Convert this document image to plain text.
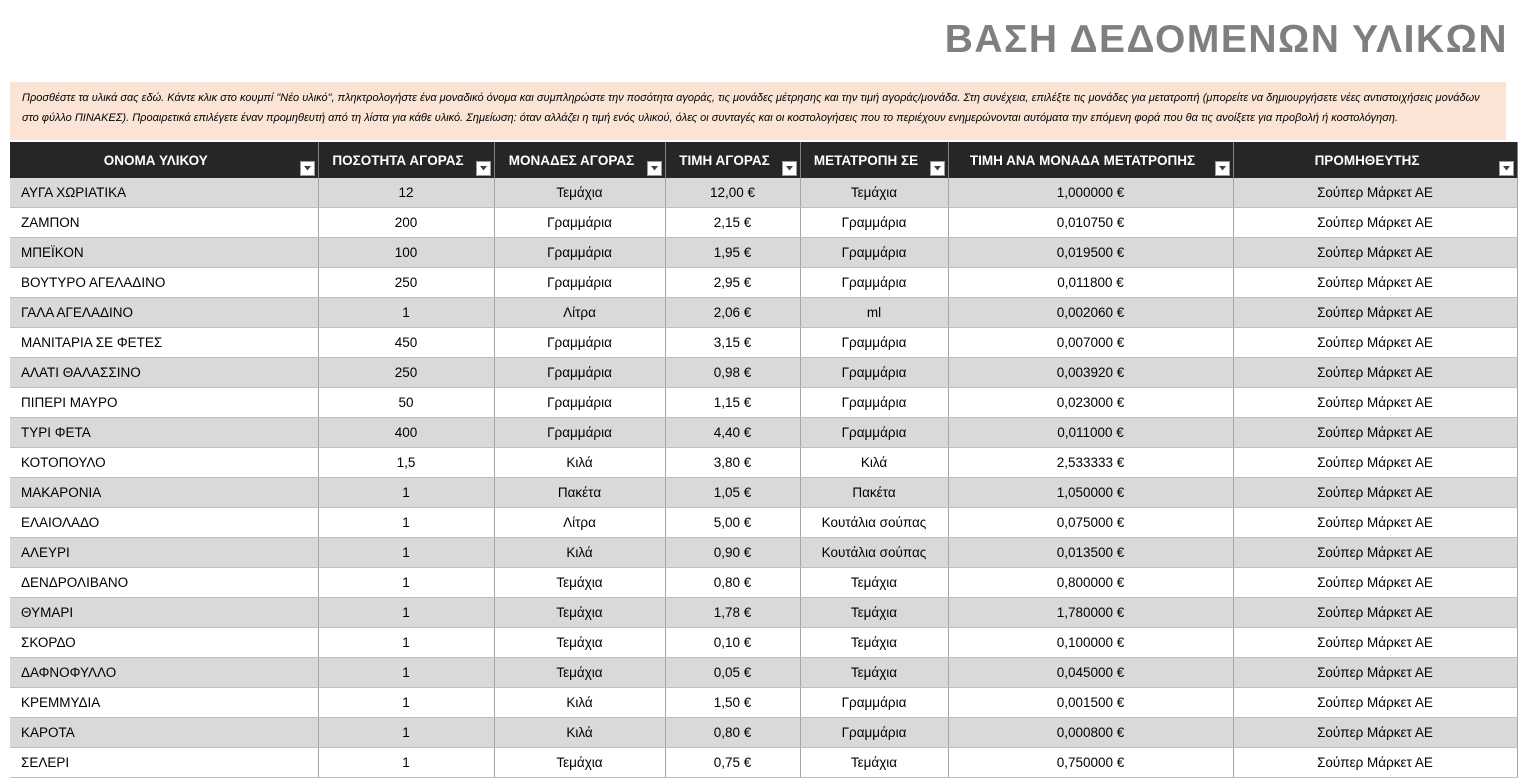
ΒΑΣΗ ΔΕΔΟΜΕΝΩΝ ΥΛΙΚΩΝ
Προσθέστε τα υλικά σας εδώ. Κάντε κλικ στο κουμπί "Νέο υλικό", πληκτρολογήστε ένα μοναδικό όνομα και συμπληρώστε την ποσότητα αγοράς, τις μονάδες μέτρησης και την τιμή αγοράς/μονάδα. Στη συνέχεια, επιλέξτε τις μονάδες για μετατροπή (μπορείτε να δημιουργήσετε νέες αντιστοιχήσεις μονάδων στο φύλλο ΠΙΝΑΚΕΣ). Προαιρετικά επιλέγετε έναν προμηθευτή από τη λίστα για κάθε υλικό. Σημείωση: όταν αλλάζει η τιμή ενός υλικού, όλες οι συνταγές και οι κοστολογήσεις που το περιέχουν ενημερώνονται αυτόματα την επόμενη φορά που θα τις ανοίξετε για προβολή ή κοστολόγηση.
ΟΝΟΜΑ ΥΛΙΚΟΥ	ΠΟΣΟΤΗΤΑ ΑΓΟΡΑΣ	ΜΟΝΑΔΕΣ ΑΓΟΡΑΣ	ΤΙΜΗ ΑΓΟΡΑΣ	ΜΕΤΑΤΡΟΠΗ ΣΕ	ΤΙΜΗ ΑΝΑ ΜΟΝΑΔΑ ΜΕΤΑΤΡΟΠΗΣ	ΠΡΟΜΗΘΕΥΤΗΣ

ΑΥΓΑ ΧΩΡΙΑΤΙΚΑ	12	Τεμάχια	12,00 €	Τεμάχια	1,000000 €	Σούπερ Μάρκετ ΑΕ
ΖΑΜΠΟΝ	200	Γραμμάρια	2,15 €	Γραμμάρια	0,010750 €	Σούπερ Μάρκετ ΑΕ
ΜΠΕΪΚΟΝ	100	Γραμμάρια	1,95 €	Γραμμάρια	0,019500 €	Σούπερ Μάρκετ ΑΕ
ΒΟΥΤΥΡΟ ΑΓΕΛΑΔΙΝΟ	250	Γραμμάρια	2,95 €	Γραμμάρια	0,011800 €	Σούπερ Μάρκετ ΑΕ
ΓΑΛΑ ΑΓΕΛΑΔΙΝΟ	1	Λίτρα	2,06 €	ml	0,002060 €	Σούπερ Μάρκετ ΑΕ
ΜΑΝΙΤΑΡΙΑ ΣΕ ΦΕΤΕΣ	450	Γραμμάρια	3,15 €	Γραμμάρια	0,007000 €	Σούπερ Μάρκετ ΑΕ
ΑΛΑΤΙ ΘΑΛΑΣΣΙΝΟ	250	Γραμμάρια	0,98 €	Γραμμάρια	0,003920 €	Σούπερ Μάρκετ ΑΕ
ΠΙΠΕΡΙ ΜΑΥΡΟ	50	Γραμμάρια	1,15 €	Γραμμάρια	0,023000 €	Σούπερ Μάρκετ ΑΕ
ΤΥΡΙ ΦΕΤΑ	400	Γραμμάρια	4,40 €	Γραμμάρια	0,011000 €	Σούπερ Μάρκετ ΑΕ
ΚΟΤΟΠΟΥΛΟ	1,5	Κιλά	3,80 €	Κιλά	2,533333 €	Σούπερ Μάρκετ ΑΕ
ΜΑΚΑΡΟΝΙΑ	1	Πακέτα	1,05 €	Πακέτα	1,050000 €	Σούπερ Μάρκετ ΑΕ
ΕΛΑΙΟΛΑΔΟ	1	Λίτρα	5,00 €	Κουτάλια σούπας	0,075000 €	Σούπερ Μάρκετ ΑΕ
ΑΛΕΥΡΙ	1	Κιλά	0,90 €	Κουτάλια σούπας	0,013500 €	Σούπερ Μάρκετ ΑΕ
ΔΕΝΔΡΟΛΙΒΑΝΟ	1	Τεμάχια	0,80 €	Τεμάχια	0,800000 €	Σούπερ Μάρκετ ΑΕ
ΘΥΜΑΡΙ	1	Τεμάχια	1,78 €	Τεμάχια	1,780000 €	Σούπερ Μάρκετ ΑΕ
ΣΚΟΡΔΟ	1	Τεμάχια	0,10 €	Τεμάχια	0,100000 €	Σούπερ Μάρκετ ΑΕ
ΔΑΦΝΟΦΥΛΛΟ	1	Τεμάχια	0,05 €	Τεμάχια	0,045000 €	Σούπερ Μάρκετ ΑΕ
ΚΡΕΜΜΥΔΙΑ	1	Κιλά	1,50 €	Γραμμάρια	0,001500 €	Σούπερ Μάρκετ ΑΕ
ΚΑΡΟΤΑ	1	Κιλά	0,80 €	Γραμμάρια	0,000800 €	Σούπερ Μάρκετ ΑΕ
ΣΕΛΕΡΙ	1	Τεμάχια	0,75 €	Τεμάχια	0,750000 €	Σούπερ Μάρκετ ΑΕ
